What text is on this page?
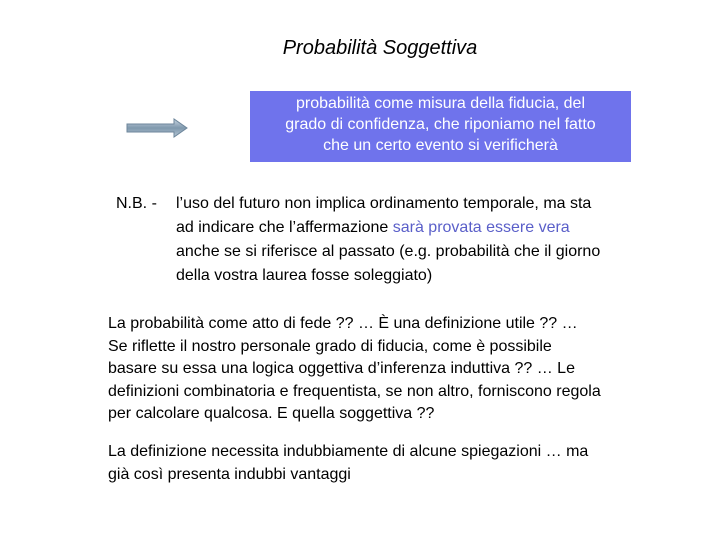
Probabilità Soggettiva
probabilità come misura della fiducia, del
grado di confidenza, che riponiamo nel fatto
che un certo evento si verificherà
N.B. - l’uso del futuro non implica ordinamento temporale, ma sta
ad indicare che l’affermazione sarà provata essere vera
anche se si riferisce al passato (e.g. probabilità che il giorno
della vostra laurea fosse soleggiato)
La probabilità come atto di fede ?? … È una definizione utile ?? …
Se riflette il nostro personale grado di fiducia, come è possibile
basare su essa una logica oggettiva d’inferenza induttiva ?? … Le
definizioni combinatoria e frequentista, se non altro, forniscono regola
per calcolare qualcosa. E quella soggettiva ??
La definizione necessita indubbiamente di alcune spiegazioni … ma
già così presenta indubbi vantaggi
